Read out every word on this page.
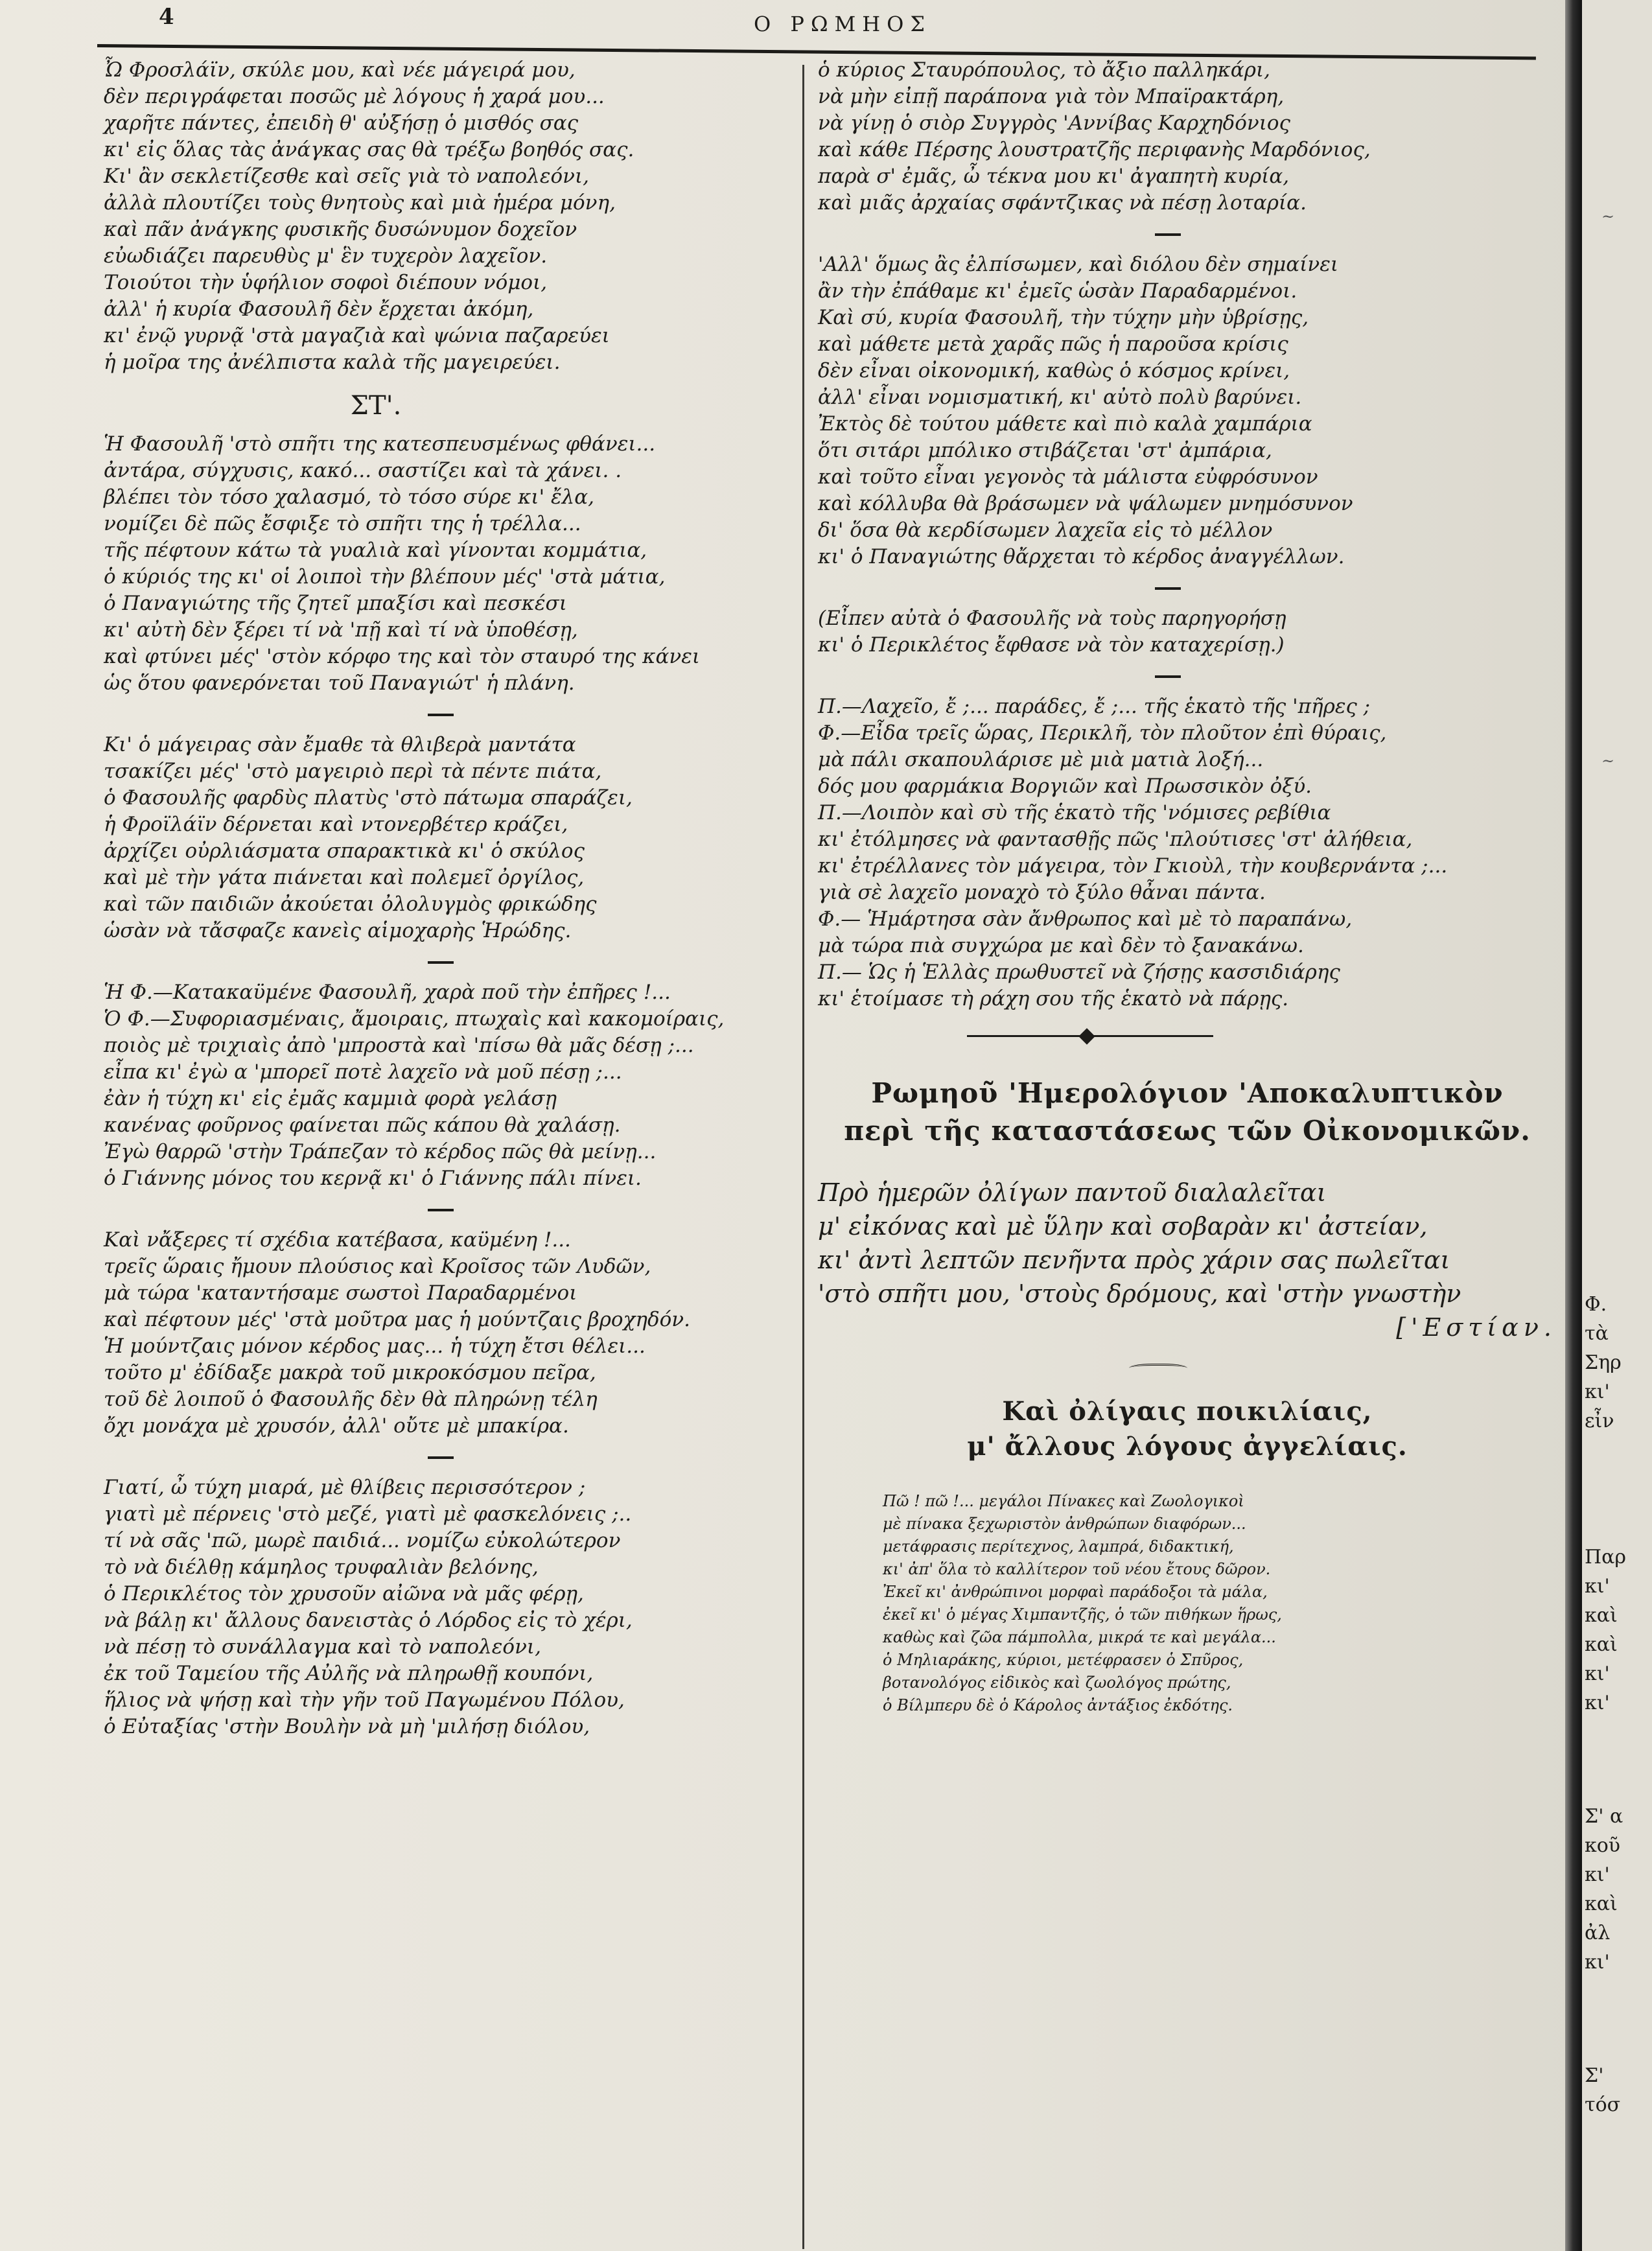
4	Ο ΡΩΜΗΟΣ
Ὦ Φροσλάϊν, σκύλε μου, καὶ νέε μάγειρά μου,
δὲν περιγράφεται ποσῶς μὲ λόγους ἡ χαρά μου...
χαρῆτε πάντες, ἐπειδὴ θ' αὐξήσῃ ὁ μισθός σας
κι' εἰς ὅλας τὰς ἀνάγκας σας θὰ τρέξω βοηθός σας.
Κι' ἂν σεκλετίζεσθε καὶ σεῖς γιὰ τὸ ναπολεόνι,
ἀλλὰ πλουτίζει τοὺς θνητοὺς καὶ μιὰ ἡμέρα μόνη,
καὶ πᾶν ἀνάγκης φυσικῆς δυσώνυμον δοχεῖον
εὐωδιάζει παρευθὺς μ' ἓν τυχερὸν λαχεῖον.
Τοιούτοι τὴν ὑφήλιον σοφοὶ διέπουν νόμοι,
ἀλλ' ἡ κυρία Φασουλῆ δὲν ἔρχεται ἀκόμη,
κι' ἐνῷ γυρνᾷ 'στὰ μαγαζιὰ καὶ ψώνια παζαρεύει
ἡ μοῖρα της ἀνέλπιστα καλὰ τῆς μαγειρεύει.
ΣΤ'.
Ἡ Φασουλῆ 'στὸ σπῆτι της κατεσπευσμένως φθάνει...
ἀντάρα, σύγχυσις, κακό... σαστίζει καὶ τὰ χάνει. .
βλέπει τὸν τόσο χαλασμό, τὸ τόσο σύρε κι' ἔλα,
νομίζει δὲ πῶς ἔσφιξε τὸ σπῆτι της ἡ τρέλλα...
τῆς πέφτουν κάτω τὰ γυαλιὰ καὶ γίνονται κομμάτια,
ὁ κύριός της κι' οἱ λοιποὶ τὴν βλέπουν μές' 'στὰ μάτια,
ὁ Παναγιώτης τῆς ζητεῖ μπαξίσι καὶ πεσκέσι
κι' αὐτὴ δὲν ξέρει τί νὰ 'πῇ καὶ τί νὰ ὑποθέσῃ,
καὶ φτύνει μές' 'στὸν κόρφο της καὶ τὸν σταυρό της κάνει
ὡς ὅτου φανερόνεται τοῦ Παναγιώτ' ἡ πλάνη.
Κι' ὁ μάγειρας σὰν ἔμαθε τὰ θλιβερὰ μαντάτα
τσακίζει μές' 'στὸ μαγειριὸ περὶ τὰ πέντε πιάτα,
ὁ Φασουλῆς φαρδὺς πλατὺς 'στὸ πάτωμα σπαράζει,
ἡ Φροϊλάϊν δέρνεται καὶ ντονερβέτερ κράζει,
ἀρχίζει οὐρλιάσματα σπαρακτικὰ κι' ὁ σκύλος
καὶ μὲ τὴν γάτα πιάνεται καὶ πολεμεῖ ὀργίλος,
καὶ τῶν παιδιῶν ἀκούεται ὀλολυγμὸς φρικώδης
ὡσὰν νὰ τἄσφαζε κανεὶς αἱμοχαρὴς Ἡρώδης.
Ἡ Φ.—Κατακαϋμένε Φασουλῆ, χαρὰ ποῦ τὴν ἐπῆρες !...
Ὁ Φ.—Συφοριασμέναις, ἄμοιραις, πτωχαὶς καὶ κακομοίραις,
ποιὸς μὲ τριχιαὶς ἀπὸ 'μπροστὰ καὶ 'πίσω θὰ μᾶς δέσῃ ;...
εἶπα κι' ἐγὼ α 'μπορεῖ ποτὲ λαχεῖο νὰ μοῦ πέσῃ ;...
ἐὰν ἡ τύχη κι' εἰς ἐμᾶς καμμιὰ φορὰ γελάσῃ
κανένας φοῦρνος φαίνεται πῶς κάπου θὰ χαλάσῃ.
Ἐγὼ θαρρῶ 'στὴν Τράπεζαν τὸ κέρδος πῶς θὰ μείνῃ...
ὁ Γιάννης μόνος του κερνᾷ κι' ὁ Γιάννης πάλι πίνει.
Καὶ νἄξερες τί σχέδια κατέβασα, καϋμένη !...
τρεῖς ὥραις ἤμουν πλούσιος καὶ Κροῖσος τῶν Λυδῶν,
μὰ τώρα 'καταντήσαμε σωστοὶ Παραδαρμένοι
καὶ πέφτουν μές' 'στὰ μοῦτρα μας ἡ μούντζαις βροχηδόν.
Ἡ μούντζαις μόνον κέρδος μας... ἡ τύχη ἔτσι θέλει...
τοῦτο μ' ἐδίδαξε μακρὰ τοῦ μικροκόσμου πεῖρα,
τοῦ δὲ λοιποῦ ὁ Φασουλῆς δὲν θὰ πληρώνῃ τέλη
ὄχι μονάχα μὲ χρυσόν, ἀλλ' οὔτε μὲ μπακίρα.
Γιατί, ὦ τύχη μιαρά, μὲ θλίβεις περισσότερον ;
γιατὶ μὲ πέρνεις 'στὸ μεζέ, γιατὶ μὲ φασκελόνεις ;..
τί νὰ σᾶς 'πῶ, μωρὲ παιδιά... νομίζω εὐκολώτερον
τὸ νὰ διέλθῃ κάμηλος τρυφαλιὰν βελόνης,
ὁ Περικλέτος τὸν χρυσοῦν αἰῶνα νὰ μᾶς φέρῃ,
νὰ βάλῃ κι' ἄλλους δανειστὰς ὁ Λόρδος εἰς τὸ χέρι,
νὰ πέσῃ τὸ συνάλλαγμα καὶ τὸ ναπολεόνι,
ἐκ τοῦ Ταμείου τῆς Αὐλῆς νὰ πληρωθῇ κουπόνι,
ἥλιος νὰ ψήσῃ καὶ τὴν γῆν τοῦ Παγωμένου Πόλου,
ὁ Εὐταξίας 'στὴν Βουλὴν νὰ μὴ 'μιλήσῃ διόλου,
ὁ κύριος Σταυρόπουλος, τὸ ἄξιο παλληκάρι,
νὰ μὴν εἰπῇ παράπονα γιὰ τὸν Μπαϊρακτάρη,
νὰ γίνῃ ὁ σιὸρ Συγγρὸς 'Αννίβας Καρχηδόνιος
καὶ κάθε Πέρσης λουστρατζῆς περιφανὴς Μαρδόνιος,
παρὰ σ' ἐμᾶς, ὦ τέκνα μου κι' ἀγαπητὴ κυρία,
καὶ μιᾶς ἀρχαίας σφάντζικας νὰ πέσῃ λοταρία.
'Αλλ' ὅμως ἂς ἐλπίσωμεν, καὶ διόλου δὲν σημαίνει
ἂν τὴν ἐπάθαμε κι' ἐμεῖς ὡσὰν Παραδαρμένοι.
Καὶ σύ, κυρία Φασουλῆ, τὴν τύχην μὴν ὑβρίσῃς,
καὶ μάθετε μετὰ χαρᾶς πῶς ἡ παροῦσα κρίσις
δὲν εἶναι οἰκονομική, καθὼς ὁ κόσμος κρίνει,
ἀλλ' εἶναι νομισματική, κι' αὐτὸ πολὺ βαρύνει.
Ἐκτὸς δὲ τούτου μάθετε καὶ πιὸ καλὰ χαμπάρια
ὅτι σιτάρι μπόλικο στιβάζεται 'στ' ἀμπάρια,
καὶ τοῦτο εἶναι γεγονὸς τὰ μάλιστα εὐφρόσυνον
καὶ κόλλυβα θὰ βράσωμεν νὰ ψάλωμεν μνημόσυνον
δι' ὅσα θὰ κερδίσωμεν λαχεῖα εἰς τὸ μέλλον
κι' ὁ Παναγιώτης θἄρχεται τὸ κέρδος ἀναγγέλλων.
(Εἶπεν αὐτὰ ὁ Φασουλῆς νὰ τοὺς παρηγορήσῃ
κι' ὁ Περικλέτος ἔφθασε νὰ τὸν καταχερίσῃ.)
Π.—Λαχεῖο, ἔ ;... παράδες, ἔ ;... τῆς ἑκατὸ τῆς 'πῆρες ;
Φ.—Εἶδα τρεῖς ὥρας, Περικλῆ, τὸν πλοῦτον ἐπὶ θύραις,
μὰ πάλι σκαπουλάρισε μὲ μιὰ ματιὰ λοξή...
δός μου φαρμάκια Βοργιῶν καὶ Πρωσσικὸν ὀξύ.
Π.—Λοιπὸν καὶ σὺ τῆς ἑκατὸ τῆς 'νόμισες ρεβίθια
κι' ἐτόλμησες νὰ φαντασθῇς πῶς 'πλούτισες 'στ' ἀλήθεια,
κι' ἐτρέλλανες τὸν μάγειρα, τὸν Γκιοὺλ, τὴν κουβερνάντα ;...
γιὰ σὲ λαχεῖο μοναχὸ τὸ ξύλο θἆναι πάντα.
Φ.— Ἡμάρτησα σὰν ἄνθρωπος καὶ μὲ τὸ παραπάνω,
μὰ τώρα πιὰ συγχώρα με καὶ δὲν τὸ ξανακάνω.
Π.— Ὡς ἡ Ἑλλὰς πρωθυστεῖ νὰ ζήσῃς κασσιδιάρης
κι' ἑτοίμασε τὴ ράχη σου τῆς ἑκατὸ νὰ πάρῃς.
Ρωμηοῦ 'Ημερολόγιον 'Αποκαλυπτικὸν
περὶ τῆς καταστάσεως τῶν Οἰκονομικῶν.
Πρὸ ἡμερῶν ὀλίγων παντοῦ διαλαλεῖται
μ' εἰκόνας καὶ μὲ ὕλην καὶ σοβαρὰν κι' ἀστείαν,
κι' ἀντὶ λεπτῶν πενῆντα πρὸς χάριν σας πωλεῖται
'στὸ σπῆτι μου, 'στοὺς δρόμους, καὶ 'στὴν γνωστὴν
['Εστίαν.
Καὶ ὀλίγαις ποικιλίαις,
μ' ἄλλους λόγους ἀγγελίαις.
Πῶ ! πῶ !... μεγάλοι Πίνακες καὶ Ζωολογικοὶ
μὲ πίνακα ξεχωριστὸν ἀνθρώπων διαφόρων...
μετάφρασις περίτεχνος, λαμπρά, διδακτική,
κι' ἀπ' ὅλα τὸ καλλίτερον τοῦ νέου ἔτους δῶρον.
Ἐκεῖ κι' ἀνθρώπινοι μορφαὶ παράδοξοι τὰ μάλα,
ἐκεῖ κι' ὁ μέγας Χιμπαντζῆς, ὁ τῶν πιθήκων ἥρως,
καθὼς καὶ ζῶα πάμπολλα, μικρά τε καὶ μεγάλα...
ὁ Μηλιαράκης, κύριοι, μετέφρασεν ὁ Σπῦρος,
βοτανολόγος εἰδικὸς καὶ ζωολόγος πρώτης,
ὁ Βίλμπερυ δὲ ὁ Κάρολος ἀντάξιος ἐκδότης.
~
~
Φ.
τὰ
Σηρ
κι'
εἶν
Παρ
κι'
καὶ
καὶ
κι'
κι'
Σ' α
κοῦ
κι'
καὶ
ἀλ
κι'
Σ'
τόσ
